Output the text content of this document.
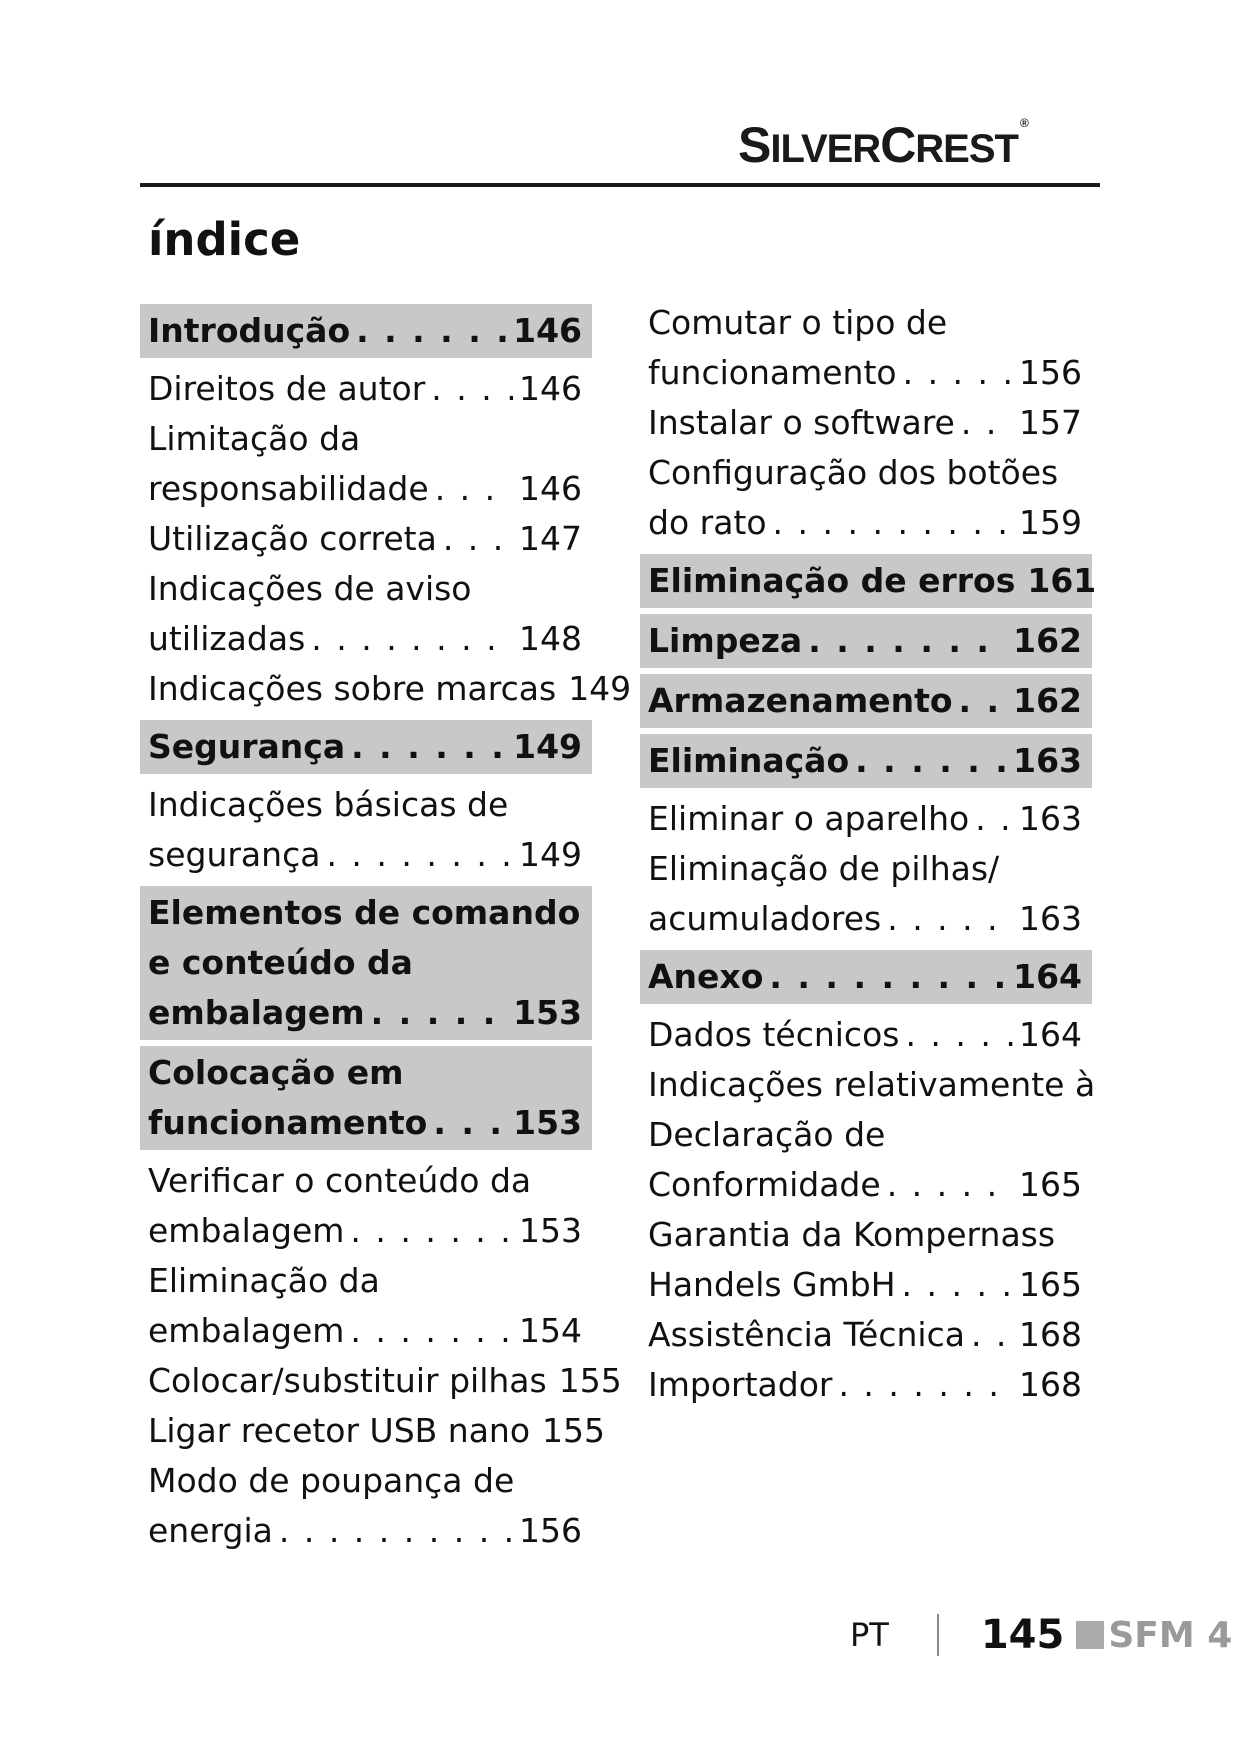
SILVERCREST®
índice
Introdução . . .	146
Direitos de autor . . .	146
Limitação da
responsabilidade . . .	146
Utilização correta . . . 147
Indicações de aviso
utilizadas . . .	148
Indicações sobre marcas 149
Segurança . . .	149
Indicações básicas de
segurança . . .	149
Elementos de comando
e conteúdo da
embalagem . . .	153
Colocação em
funcionamento . . .	153
Verificar o conteúdo da
embalagem . . .	153
Eliminação da
embalagem . . .	154
Colocar/substituir pilhas 155
Ligar recetor USB nano 155
Modo de poupança de
energia . . .	156
Comutar o tipo de
funcionamento . . .	156
Instalar o software . . . 157
Configuração dos botões
do rato . . .	159
Eliminação de erros 161
Limpeza . . .	162
Armazenamento . . . 162
Eliminação . . .	163
Eliminar o aparelho . . . 163
Eliminação de pilhas/
acumuladores . . .	163
Anexo . . .	164
Dados técnicos . . .	164
Indicações relativamente à
Declaração de
Conformidade . . .	165
Garantia da Kompernass
Handels GmbH . . .	165
Assistência Técnica . . . 168
Importador . . .	168
PT 145 SFM 4
